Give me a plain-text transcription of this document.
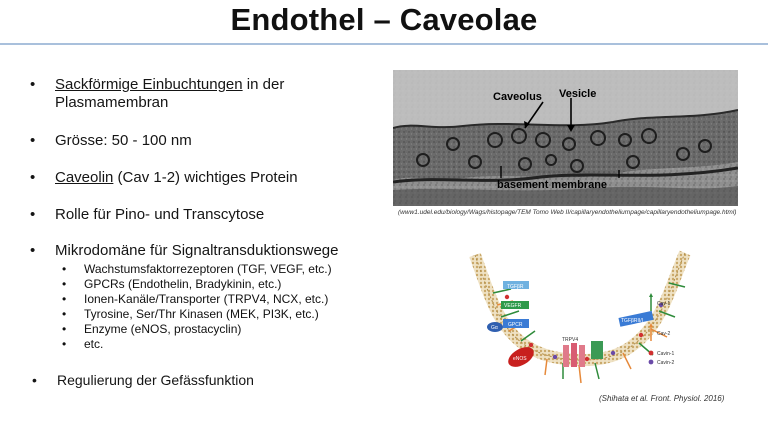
Endothel – Caveolae
• Sackförmige Einbuchtungen in der
Plasmamembran
• Grösse: 50 - 100 nm
• Caveolin (Cav 1-2) wichtiges Protein
• Rolle für Pino- und Transcytose
• Mikrodomäne für Signaltransduktionswege
• Wachstumsfaktorrezeptoren (TGF, VEGF, etc.)
• GPCRs (Endothelin, Bradykinin, etc.)
• Ionen-Kanäle/Transporter (TRPV4, NCX, etc.)
• Tyrosine, Ser/Thr Kinasen (MEK, PI3K, etc.)
• Enzyme (eNOS, prostacyclin)
• etc.
• Regulierung der Gefässfunktion
Caveolus Vesicle
basement membrane
(www1.udel.edu/biology/Wags/histopage/TEM Tomo Web II/capillaryendotheliumpage/capillaryendotheliumpage.html)
TGFβR
VEGFR
GPCR
Gα
eNOS
TRPV4
TGFβRII/I
Cav-1
Cav-2
Cavin-1
Cavin-2
(Shihata et al. Front. Physiol. 2016)
